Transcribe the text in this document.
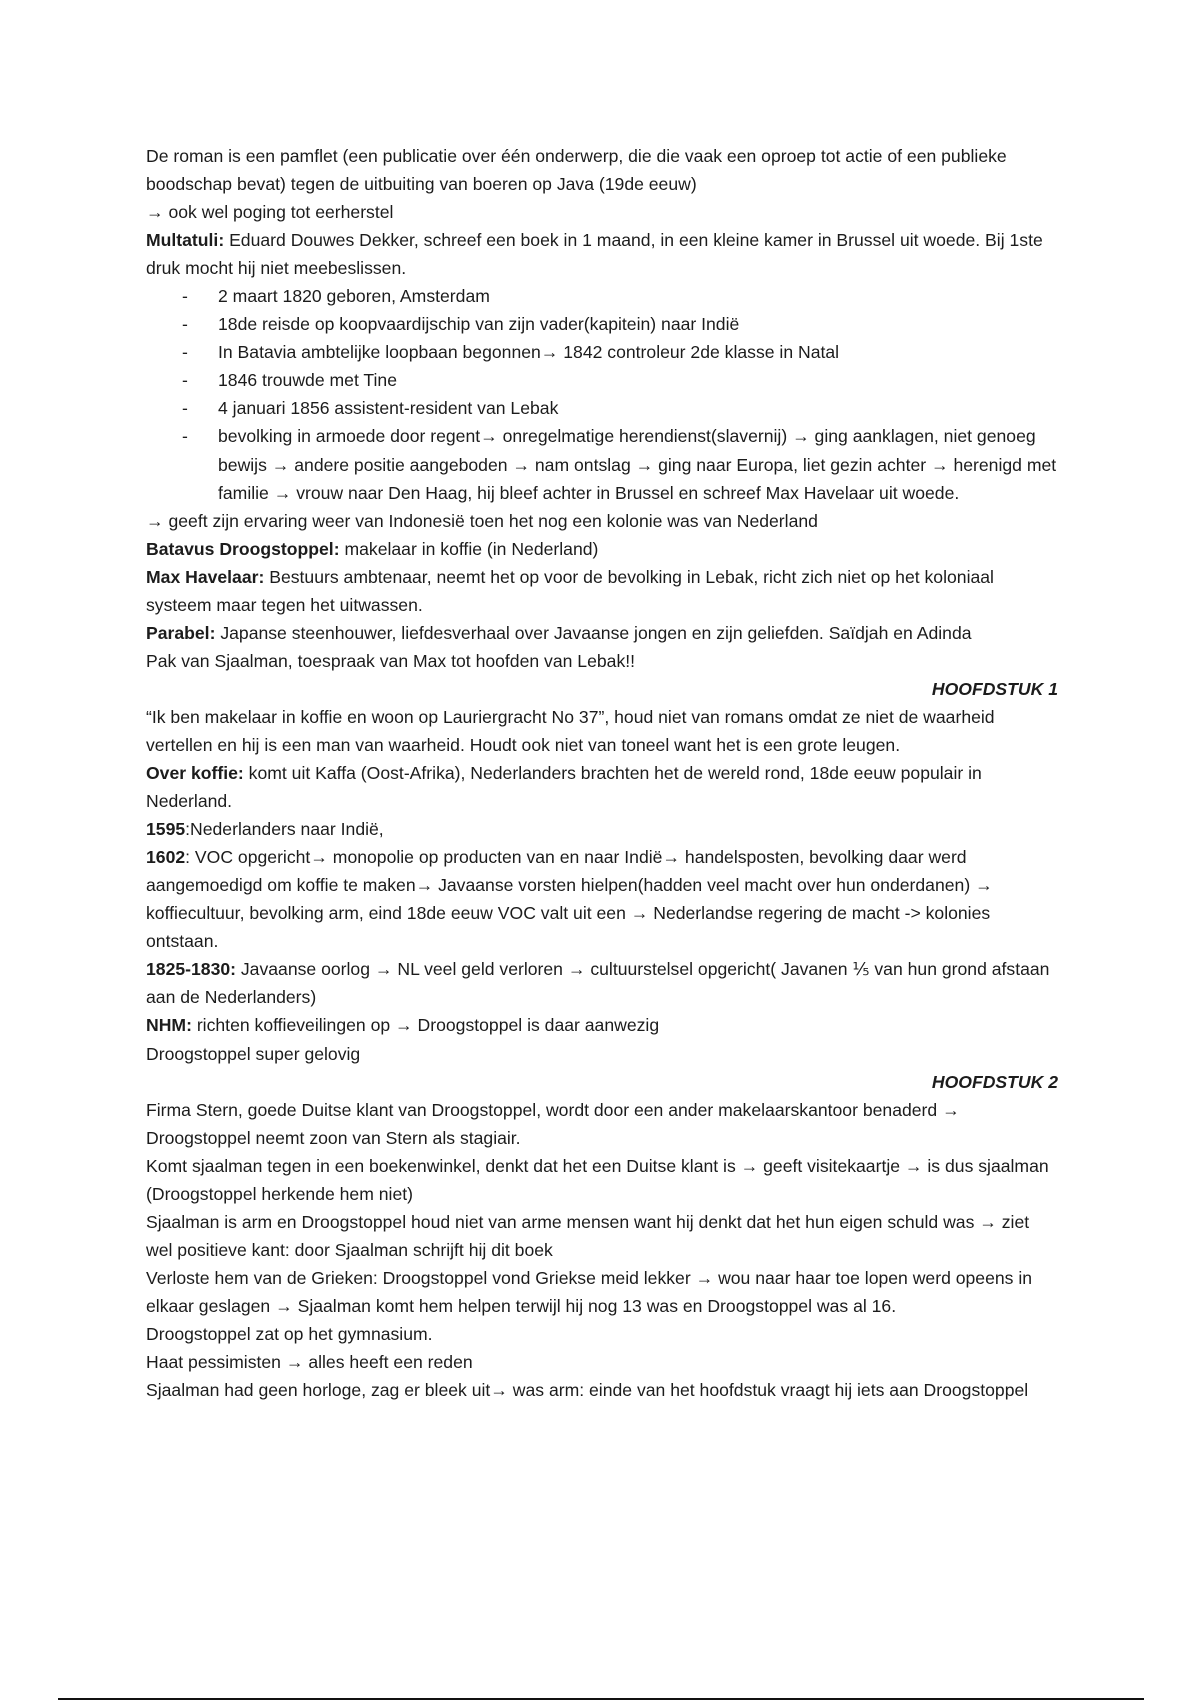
De roman is een pamflet (een publicatie over één onderwerp, die die vaak een oproep tot actie of een publieke boodschap bevat) tegen de uitbuiting van boeren op Java (19de eeuw)

→ ook wel poging tot eerherstel

Multatuli: Eduard Douwes Dekker, schreef een boek in 1 maand, in een kleine kamer in Brussel uit woede. Bij 1ste druk mocht hij niet meebeslissen.

- 2 maart 1820 geboren, Amsterdam
- 18de reisde op koopvaardijschip van zijn vader(kapitein) naar Indië
- In Batavia ambtelijke loopbaan begonnen→ 1842 controleur 2de klasse in Natal
- 1846 trouwde met Tine
- 4 januari 1856 assistent-resident van Lebak
- bevolking in armoede door regent→ onregelmatige herendienst(slavernij) → ging aanklagen, niet genoeg bewijs → andere positie aangeboden → nam ontslag → ging naar Europa, liet gezin achter → herenigd met familie → vrouw naar Den Haag, hij bleef achter in Brussel en schreef Max Havelaar uit woede.

→ geeft zijn ervaring weer van Indonesië toen het nog een kolonie was van Nederland

Batavus Droogstoppel: makelaar in koffie (in Nederland)

Max Havelaar: Bestuurs ambtenaar, neemt het op voor de bevolking in Lebak, richt zich niet op het koloniaal systeem maar tegen het uitwassen.

Parabel: Japanse steenhouwer, liefdesverhaal over Javaanse jongen en zijn geliefden. Saïdjah en Adinda

Pak van Sjaalman, toespraak van Max tot hoofden van Lebak!!

HOOFDSTUK 1

“Ik ben makelaar in koffie en woon op Lauriergracht No 37”, houd niet van romans omdat ze niet de waarheid vertellen en hij is een man van waarheid. Houdt ook niet van toneel want het is een grote leugen.

Over koffie: komt uit Kaffa (Oost-Afrika), Nederlanders brachten het de wereld rond, 18de eeuw populair in Nederland.

1595:Nederlanders naar Indië,

1602: VOC opgericht→ monopolie op producten van en naar Indië→ handelsposten, bevolking daar werd aangemoedigd om koffie te maken→ Javaanse vorsten hielpen(hadden veel macht over hun onderdanen) → koffiecultuur, bevolking arm, eind 18de eeuw VOC valt uit een → Nederlandse regering de macht -> kolonies ontstaan.

1825-1830: Javaanse oorlog → NL veel geld verloren → cultuurstelsel opgericht( Javanen ⅕ van hun grond afstaan aan de Nederlanders)

NHM: richten koffieveilingen op → Droogstoppel is daar aanwezig

Droogstoppel super gelovig

HOOFDSTUK 2

Firma Stern, goede Duitse klant van Droogstoppel, wordt door een ander makelaarskantoor benaderd → Droogstoppel neemt zoon van Stern als stagiair.

Komt sjaalman tegen in een boekenwinkel, denkt dat het een Duitse klant is → geeft visitekaartje → is dus sjaalman (Droogstoppel herkende hem niet)

Sjaalman is arm en Droogstoppel houd niet van arme mensen want hij denkt dat het hun eigen schuld was → ziet wel positieve kant: door Sjaalman schrijft hij dit boek

Verloste hem van de Grieken: Droogstoppel vond Griekse meid lekker → wou naar haar toe lopen werd opeens in elkaar geslagen → Sjaalman komt hem helpen terwijl hij nog 13 was en Droogstoppel was al 16.

Droogstoppel zat op het gymnasium.

Haat pessimisten → alles heeft een reden

Sjaalman had geen horloge, zag er bleek uit→ was arm: einde van het hoofdstuk vraagt hij iets aan Droogstoppel
